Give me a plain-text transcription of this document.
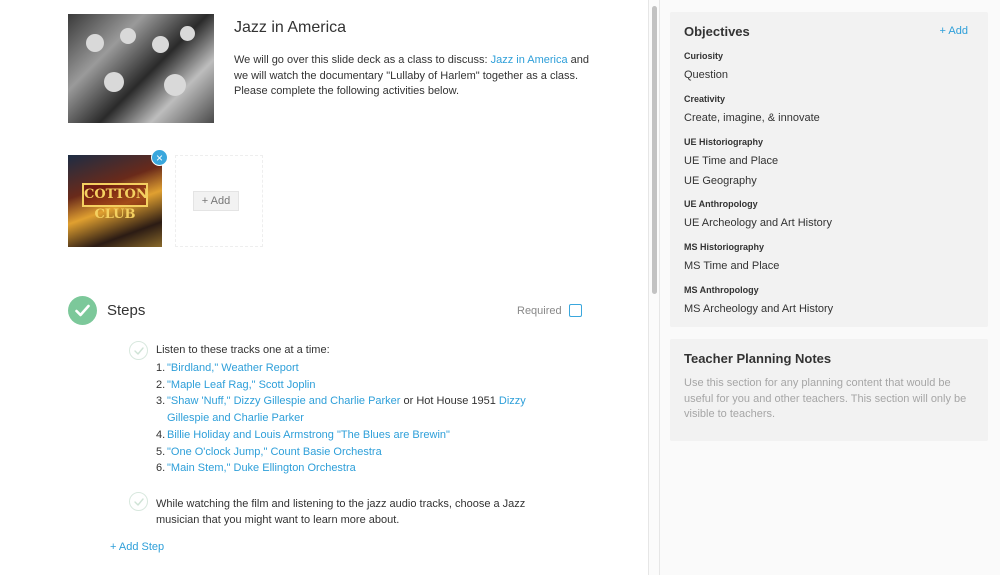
Jazz in America
We will go over this slide deck as a class to discuss: Jazz in America and we will watch the documentary "Lullaby of Harlem" together as a class. Please complete the following activities below.
COTTON CLUB
×
+ Add
Steps	Required
Listen to these tracks one at a time:
1. "Birdland," Weather Report
2. "Maple Leaf Rag," Scott Joplin
3. "Shaw 'Nuff," Dizzy Gillespie and Charlie Parker or Hot House 1951 Dizzy Gillespie and Charlie Parker
4. Billie Holiday and Louis Armstrong "The Blues are Brewin"
5. "One O'clock Jump," Count Basie Orchestra
6. "Main Stem," Duke Ellington Orchestra
While watching the film and listening to the jazz audio tracks, choose a Jazz musician that you might want to learn more about.
+ Add Step
Objectives	+ Add
Curiosity
Question
Creativity
Create, imagine, & innovate
UE Historiography
UE Time and Place
UE Geography
UE Anthropology
UE Archeology and Art History
MS Historiography
MS Time and Place
MS Anthropology
MS Archeology and Art History
Teacher Planning Notes
Use this section for any planning content that would be useful for you and other teachers. This section will only be visible to teachers.
